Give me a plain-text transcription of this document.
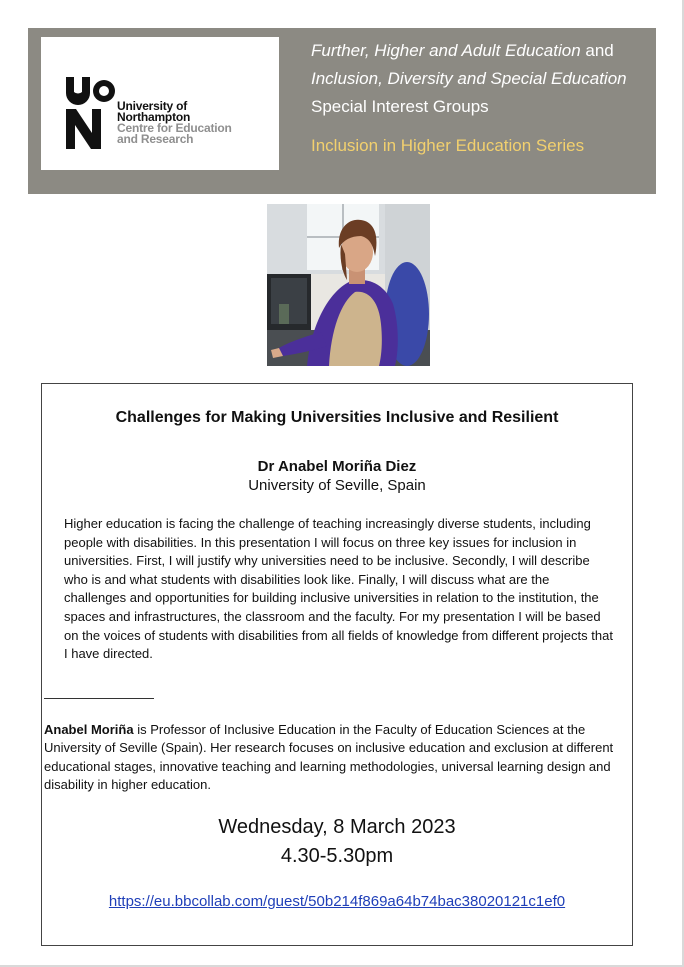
University of
Northampton
Centre for Education
and Research
Further, Higher and Adult Education and
Inclusion, Diversity and Special Education
Special Interest Groups
Inclusion in Higher Education Series
Challenges for Making Universities Inclusive and Resilient
Dr Anabel Moriña Diez
University of Seville, Spain

Higher education is facing the challenge of teaching increasingly diverse students, including people with disabilities. In this presentation I will focus on three key issues for inclusion in universities. First, I will justify why universities need to be inclusive. Secondly, I will describe who is and what students with disabilities look like. Finally, I will discuss what are the challenges and opportunities for building inclusive universities in relation to the institution, the spaces and infrastructures, the classroom and the faculty. For my presentation I will be based on the voices of students with disabilities from all fields of knowledge from different projects that I have directed.

Anabel Moriña is Professor of Inclusive Education in the Faculty of Education Sciences at the University of Seville (Spain). Her research focuses on inclusive education and exclusion at different educational stages, innovative teaching and learning methodologies, universal learning design and disability in higher education.

Wednesday, 8 March 2023
4.30-5.30pm
https://eu.bbcollab.com/guest/50b214f869a64b74bac38020121c1ef0
